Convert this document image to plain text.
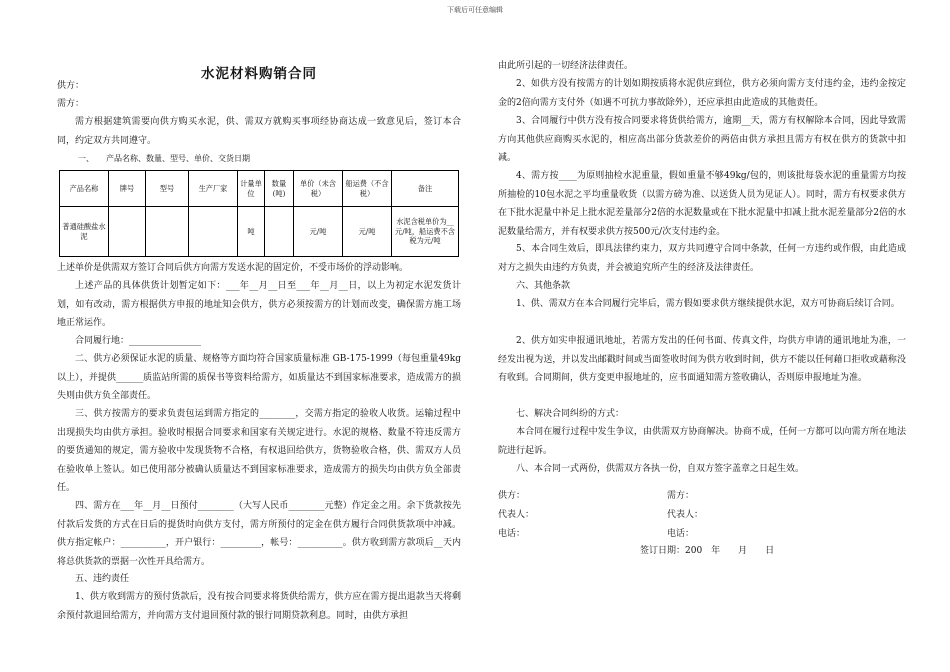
下载后可任意编辑
水泥材料购销合同

供方：

需方：

需方根据建筑需要向供方购买水泥，供、需双方就购买事项经协商达成一致意见后，签订本合同，约定双方共同遵守。

一、　　产品名称、数量、型号、单价、交货日期

产品名称	牌号	型号	生产厂家	计量单位	数量(吨)	单价（未含税）	船运费（不含税）	备注
普通硅酸盐水泥				吨		元/吨	元/吨	水泥含税单价为__元/吨，船运费不含税为元/吨

上述单价是供需双方签订合同后供方向需方发送水泥的固定价，不受市场价的浮动影响。

上述产品的具体供货计划暂定如下：___年__月__日至___年__月__日，以上为初定水泥发货计划，如有改动，需方根据供方申报的地址知会供方，供方必须按需方的计划而改变，确保需方施工场地正常运作。

合同履行地：________________

二、供方必须保证水泥的质量、规格等方面均符合国家质量标准 GB-175-1999（每包重量49kg以上），并提供______质监站所需的质保书等资料给需方，如质量达不到国家标准要求，造成需方的损失则由供方负全部责任。

三、供方按需方的要求负责包运到需方指定的________，交需方指定的验收人收货。运输过程中出现损失均由供方承担。验收时根据合同要求和国家有关规定进行。水泥的规格、数量不符违反需方的要货通知的规定，需方验收中发现货物不合格，有权退回给供方，货物验收合格，供、需双方人员在验收单上签认。如已使用部分被确认质量达不到国家标准要求，造成需方的损失均由供方负全部责任。

四、需方在___年__月__日预付________（大写人民币________元整）作定金之用。余下货款按先付款后发货的方式在日后的提货时向供方支付，需方所预付的定金在供方履行合同供货款项中冲减。供方指定帐户：__________，开户银行：_________，帐号：__________。供方收到需方款项后__天内将总供货款的票据一次性开具给需方。

五、违约责任

1、供方收到需方的预付货款后，没有按合同要求将货供给需方，供方应在需方提出退款当天将剩余预付款退回给需方，并向需方支付退回预付款的银行同期贷款利息。同时，由供方承担

由此所引起的一切经济法律责任。

2、如供方没有按需方的计划如期按质将水泥供应到位，供方必须向需方支付违约金，违约金按定金的2倍向需方支付外（如遇不可抗力事故除外），还应承担由此造成的其他责任。

3、合同履行中供方没有按合同要求将货供给需方，逾期__天，需方有权解除本合同，因此导致需方向其他供应商购买水泥的，相应高出部分货款差价的两倍由供方承担且需方有权在供方的货款中扣减。

4、需方按____为原则抽检水泥重量，假如重量不够49kg/包的，则该批每袋水泥的重量需方均按所抽检的10包水泥之平均重量收货（以需方磅为准、以送货人员为见证人）。同时，需方有权要求供方在下批水泥量中补足上批水泥差量部分2倍的水泥数量或在下批水泥量中扣减上批水泥差量部分2倍的水泥数量给需方，并有权要求供方按500元/次支付违约金。

5、本合同生效后，即具法律约束力，双方共同遵守合同中条款，任何一方违约或作假，由此造成对方之损失由违约方负责，并会被追究所产生的经济及法律责任。

六、其他条款

1、供、需双方在本合同履行完毕后，需方假如要求供方继续提供水泥，双方可协商后续订合同。

2、供方如实申报通讯地址，若需方发出的任何书面、传真文件，均供方申请的通讯地址为准，一经发出视为送，并以发出邮戳时间或当面签收时间为供方收到时间，供方不能以任何藉口拒收或藉称没有收到。合同期间，供方变更申报地址的，应书面通知需方签收确认，否则原申报地址为准。

七、解决合同纠纷的方式：

本合同在履行过程中发生争议，由供需双方协商解决。协商不成，任何一方都可以向需方所在地法院进行起诉。

八、本合同一式两份，供需双方各执一份，自双方签字盖章之日起生效。

供方：	需方：
代表人：	代表人：
电话：	电话：
签订日期：200　年　　月　　日
